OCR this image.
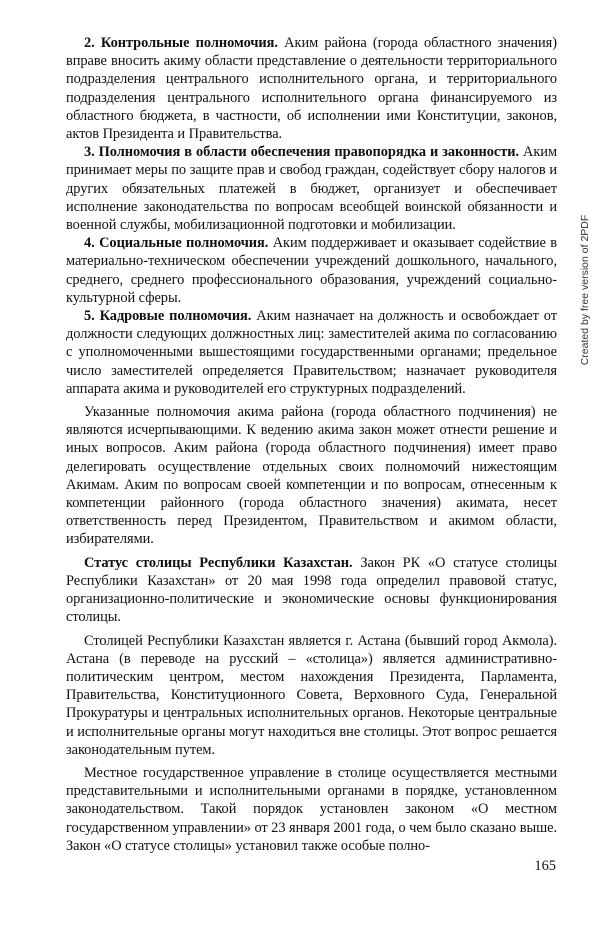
2. Контрольные полномочия. Аким района (города областного значения) вправе вносить акиму области представление о деятельности территориального подразделения центрального исполнительного органа, и территориального подразделения центрального исполнительного органа финансируемого из областного бюджета, в частности, об исполнении ими Конституции, законов, актов Президента и Правительства.

3. Полномочия в области обеспечения правопорядка и законности. Аким принимает меры по защите прав и свобод граждан, содействует сбору налогов и других обязательных платежей в бюджет, организует и обеспечивает исполнение законодательства по вопросам всеобщей воинской обязанности и военной службы, мобилизационной подготовки и мобилизации.

4. Социальные полномочия. Аким поддерживает и оказывает содействие в материально-техническом обеспечении учреждений дошкольного, начального, среднего, среднего профессионального образования, учреждений социально-культурной сферы.

5. Кадровые полномочия. Аким назначает на должность и освобождает от должности следующих должностных лиц: заместителей акима по согласованию с уполномоченными вышестоящими государственными органами; предельное число заместителей определяется Правительством; назначает руководителя аппарата акима и руководителей его структурных подразделений.

Указанные полномочия акима района (города областного подчинения) не являются исчерпывающими. К ведению акима закон может отнести решение и иных вопросов. Аким района (города областного подчинения) имеет право делегировать осуществление отдельных своих полномочий нижестоящим Акимам. Аким по вопросам своей компетенции и по вопросам, отнесенным к компетенции районного (города областного значения) акимата, несет ответственность перед Президентом, Правительством и акимом области, избирателями.

Статус столицы Республики Казахстан. Закон РК «О статусе столицы Республики Казахстан» от 20 мая 1998 года определил правовой статус, организационно-политические и экономические основы функционирования столицы.

Столицей Республики Казахстан является г. Астана (бывший город Акмола). Астана (в переводе на русский – «столица») является административно-политическим центром, местом нахождения Президента, Парламента, Правительства, Конституционного Совета, Верховного Суда, Генеральной Прокуратуры и центральных исполнительных органов. Некоторые центральные и исполнительные органы могут находиться вне столицы. Этот вопрос решается законодательным путем.

Местное государственное управление в столице осуществляется местными представительными и исполнительными органами в порядке, установленном законодательством. Такой порядок установлен законом «О местном государственном управлении» от 23 января 2001 года, о чем было сказано выше. Закон «О статусе столицы» установил также особые полно-

Created by free version of 2PDF
165
